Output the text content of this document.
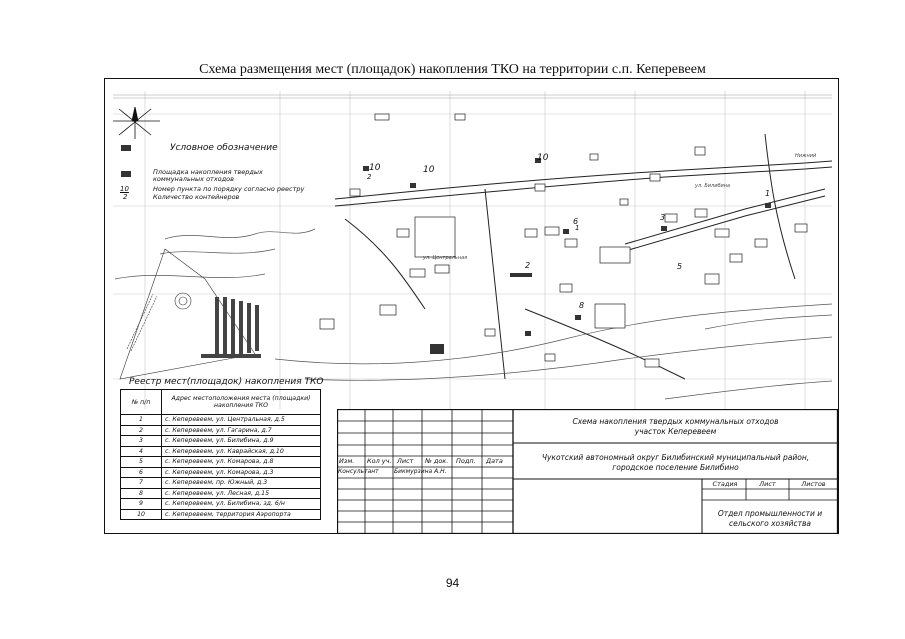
Схема размещения мест (площадок) накопления ТКО на территории с.п. Кеперевеем
10	10
10
6	3
8
2
1
5
1
2
ул. Билибина
ул. Центральная
Нижний
Условное обозначение
Площадка накопления твердых коммунальных отходов
10
2
Номер пункта по порядку согласно реестру
Количество контейнеров
Реестр мест(площадок) накопления ТКО
№ п/п	Адрес местоположения места (площадки) накопления ТКО
1	с. Кеперевеем, ул. Центральная, д.5
2	с. Кеперевеем, ул. Гагарина, д.7
3	с. Кеперевеем, ул. Билибина, д.9
4	с. Кеперевеем, ул. Каврайская, д.10
5	с. Кеперевеем, ул. Комарова, д.8
6	с. Кеперевеем, ул. Комарова, д.3
7	с. Кеперевеем, пр. Южный, д.3
8	с. Кеперевеем, ул. Лесная, д.15
9	с. Кеперевеем, ул. Билибина, зд. 6/н
10	с. Кеперевеем, территория Аэропорта
Схема накопления твердых коммунальных отходов
участок Кеперевеем
Изм. Кол уч. Лист № док. Подп. Дата
Консультант	Бикмурзина А.Н.
Чукотский автономный округ Билибинский муниципальный район,
городское поселение Билибино
Стадия	Лист	Листов
Отдел промышленности и
сельского хозяйства
94
